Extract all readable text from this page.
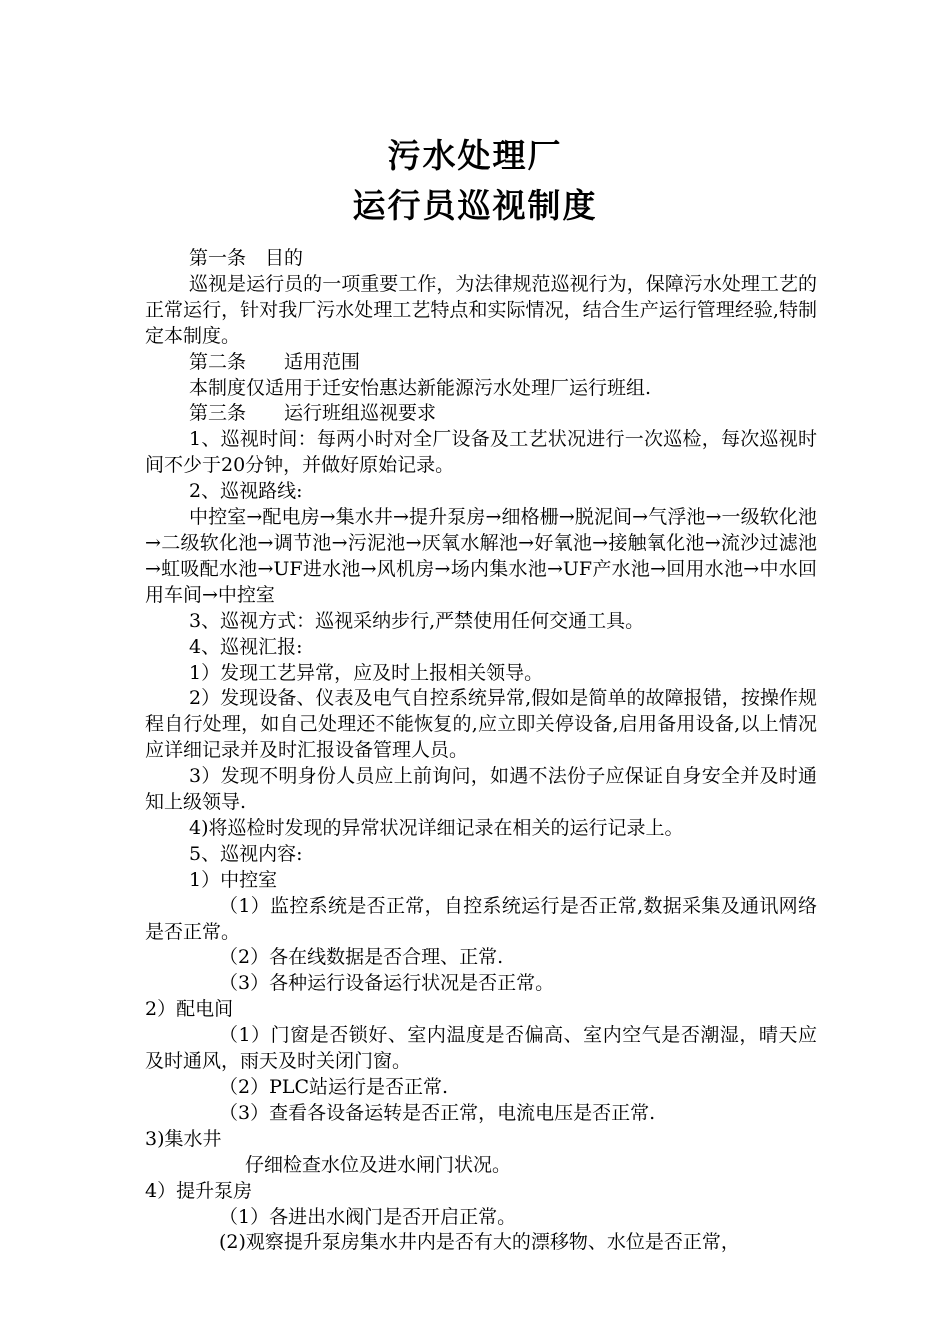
污水处理厂
运行员巡视制度

第一条　目的

巡视是运行员的一项重要工作，为法律规范巡视行为，保障污水处理工艺的正常运行，针对我厂污水处理工艺特点和实际情况，结合生产运行管理经验,特制定本制度。

第二条　　适用范围

本制度仅适用于迁安怡惠达新能源污水处理厂运行班组.

第三条　　运行班组巡视要求

1、巡视时间：每两小时对全厂设备及工艺状况进行一次巡检，每次巡视时间不少于20分钟，并做好原始记录。

2、巡视路线:

中控室→配电房→集水井→提升泵房→细格栅→脱泥间→气浮池→一级软化池→二级软化池→调节池→污泥池→厌氧水解池→好氧池→接触氧化池→流沙过滤池→虹吸配水池→UF进水池→风机房→场内集水池→UF产水池→回用水池→中水回用车间→中控室

3、巡视方式：巡视采纳步行,严禁使用任何交通工具。

4、巡视汇报:

1）发现工艺异常，应及时上报相关领导。

2）发现设备、仪表及电气自控系统异常,假如是简单的故障报错，按操作规程自行处理，如自己处理还不能恢复的,应立即关停设备,启用备用设备,以上情况应详细记录并及时汇报设备管理人员。

3）发现不明身份人员应上前询问，如遇不法份子应保证自身安全并及时通知上级领导.

4)将巡检时发现的异常状况详细记录在相关的运行记录上。

5、巡视内容:

1）中控室

（1）监控系统是否正常，自控系统运行是否正常,数据采集及通讯网络是否正常。

（2）各在线数据是否合理、正常.

（3）各种运行设备运行状况是否正常。

2）配电间

（1）门窗是否锁好、室内温度是否偏高、室内空气是否潮湿，晴天应及时通风，雨天及时关闭门窗。

（2）PLC站运行是否正常.

（3）查看各设备运转是否正常，电流电压是否正常.

3)集水井

仔细检查水位及进水闸门状况。

4）提升泵房

（1）各进出水阀门是否开启正常。

(2)观察提升泵房集水井内是否有大的漂移物、水位是否正常，
